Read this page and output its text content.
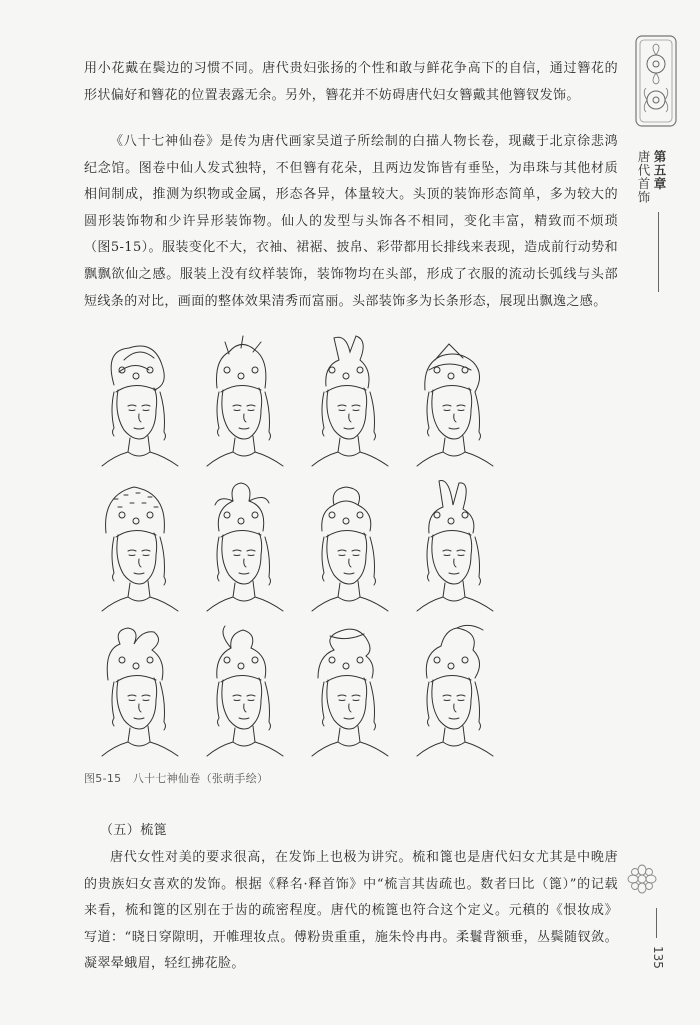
用小花戴在鬓边的习惯不同。唐代贵妇张扬的个性和敢与鲜花争高下的自信，通过簪花的形状偏好和簪花的位置表露无余。另外，簪花并不妨碍唐代妇女簪戴其他簪钗发饰。

《八十七神仙卷》是传为唐代画家吴道子所绘制的白描人物长卷，现藏于北京徐悲鸿纪念馆。图卷中仙人发式独特，不但簪有花朵，且两边发饰皆有垂坠，为串珠与其他材质相间制成，推测为织物或金属，形态各异，体量较大。头顶的装饰形态简单，多为较大的圆形装饰物和少许异形装饰物。仙人的发型与头饰各不相同，变化丰富，精致而不烦琐（图5-15）。服装变化不大，衣袖、裙裾、披帛、彩带都用长排线来表现，造成前行动势和飘飘欲仙之感。服装上没有纹样装饰，装饰物均在头部，形成了衣服的流动长弧线与头部短线条的对比，画面的整体效果清秀而富丽。头部装饰多为长条形态，展现出飘逸之感。

图5-15　八十七神仙卷（张萌手绘）
（五）梳篦

唐代女性对美的要求很高，在发饰上也极为讲究。梳和篦也是唐代妇女尤其是中晚唐的贵族妇女喜欢的发饰。根据《释名·释首饰》中“梳言其齿疏也。数者曰比（篦）”的记载来看，梳和篦的区别在于齿的疏密程度。唐代的梳篦也符合这个定义。元稹的《恨妆成》写道：“晓日穿隙明，开帷理妆点。傅粉贵重重，施朱怜冉冉。柔鬟背额垂，丛鬓随钗敛。凝翠晕蛾眉，轻红拂花脸。

第五章
唐代首饰
135
